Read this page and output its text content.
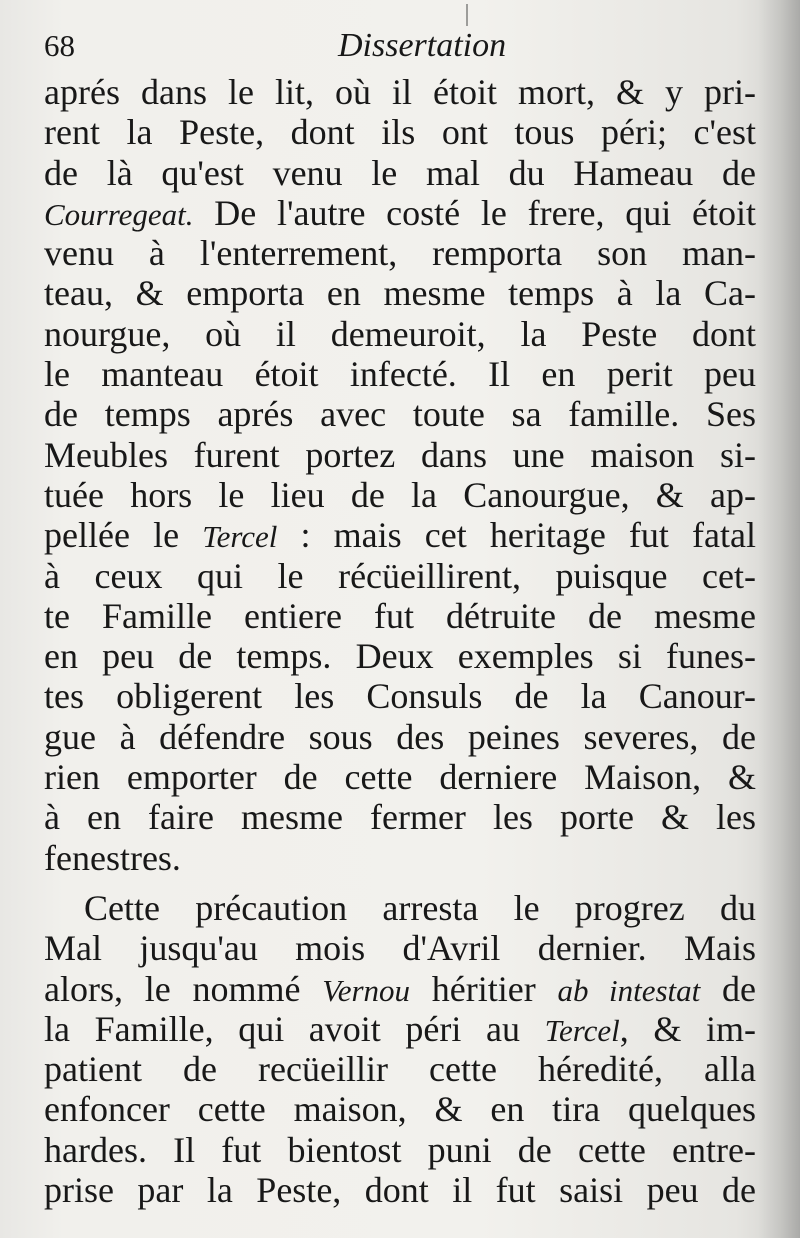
68	Dissertation
aprés dans le lit, où il étoit mort, & y pri-
rent la Peste, dont ils ont tous péri; c'est
de là qu'est venu le mal du Hameau de
Courregeat. De l'autre costé le frere, qui étoit
venu à l'enterrement, remporta son man-
teau, & emporta en mesme temps à la Ca-
nourgue, où il demeuroit, la Peste dont
le manteau étoit infecté. Il en perit peu
de temps aprés avec toute sa famille. Ses
Meubles furent portez dans une maison si-
tuée hors le lieu de la Canourgue, & ap-
pellée le Tercel : mais cet heritage fut fatal
à ceux qui le récüeillirent, puisque cet-
te Famille entiere fut détruite de mesme
en peu de temps. Deux exemples si funes-
tes obligerent les Consuls de la Canour-
gue à défendre sous des peines severes, de
rien emporter de cette derniere Maison, &
à en faire mesme fermer les porte & les
fenestres.
Cette précaution arresta le progrez du
Mal jusqu'au mois d'Avril dernier. Mais
alors, le nommé Vernou héritier ab intestat de
la Famille, qui avoit péri au Tercel, & im-
patient de recüeillir cette héredité, alla
enfoncer cette maison, & en tira quelques
hardes. Il fut bientost puni de cette entre-
prise par la Peste, dont il fut saisi peu de
